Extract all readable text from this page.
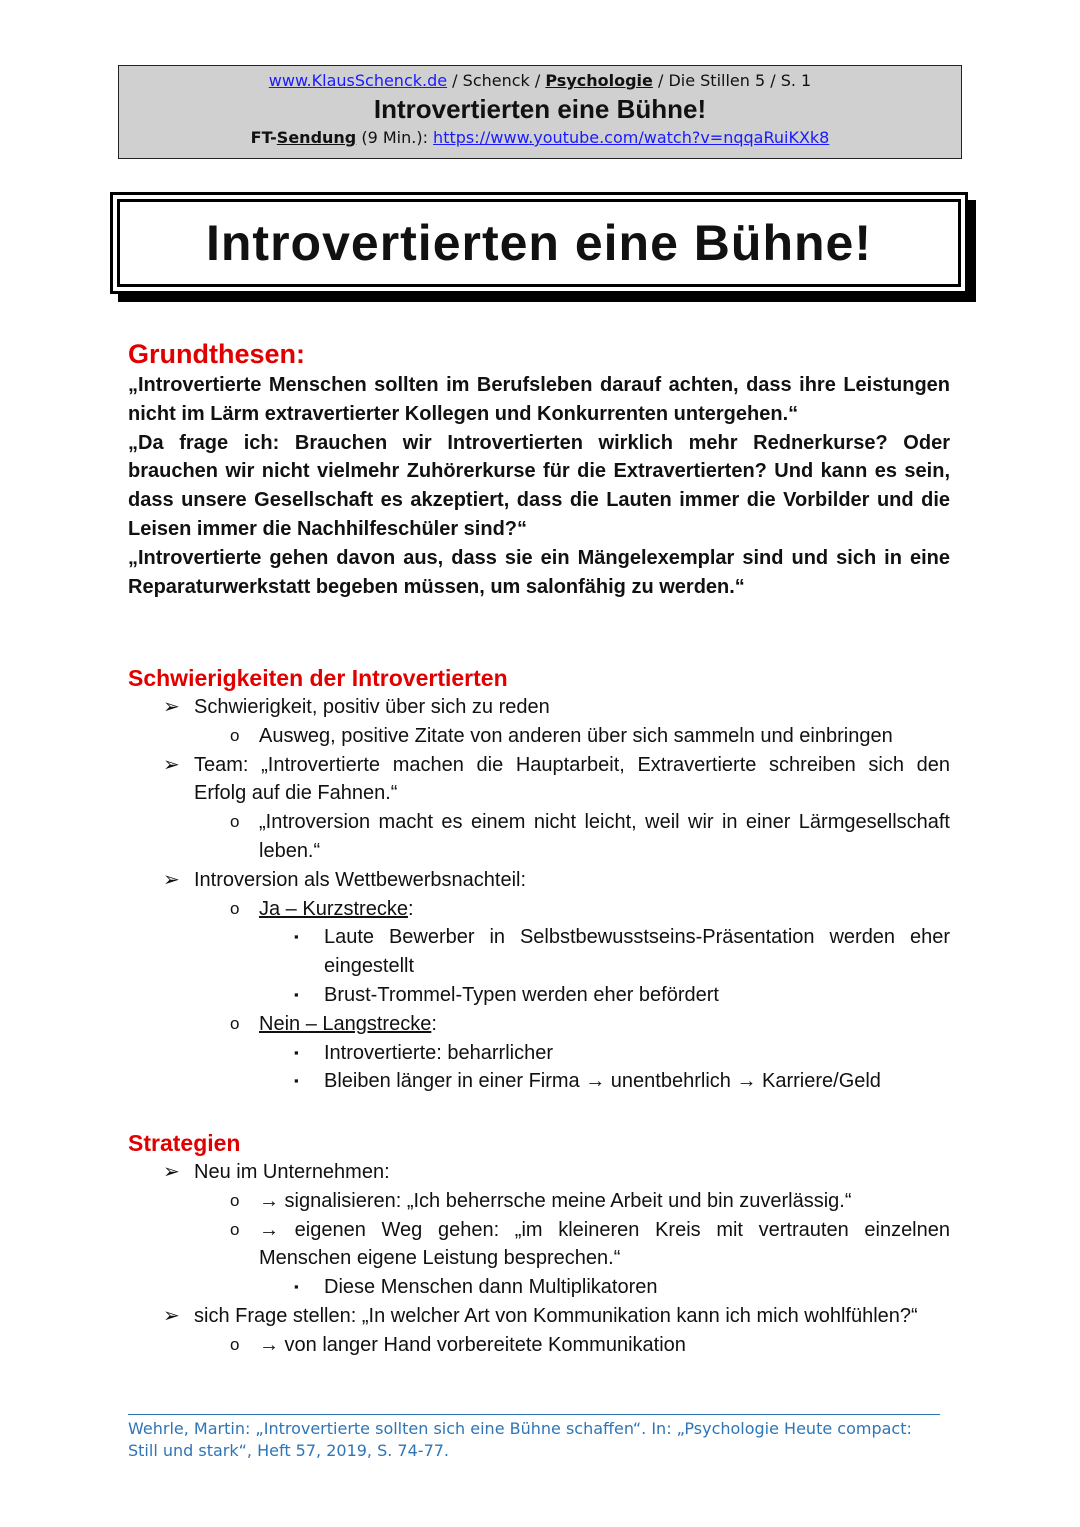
www.KlausSchenck.de / Schenck / Psychologie / Die Stillen 5 / S. 1
Introvertierten eine Bühne!
FT-Sendung (9 Min.): https://www.youtube.com/watch?v=nqqaRuiKXk8
Introvertierten eine Bühne!
Grundthesen:
„Introvertierte Menschen sollten im Berufsleben darauf achten, dass ihre Leistungen nicht im Lärm extravertierter Kollegen und Konkurrenten untergehen.“
„Da frage ich: Brauchen wir Introvertierten wirklich mehr Rednerkurse? Oder brauchen wir nicht vielmehr Zuhörerkurse für die Extravertierten? Und kann es sein, dass unsere Gesellschaft es akzeptiert, dass die Lauten immer die Vorbilder und die Leisen immer die Nachhilfeschüler sind?“
„Introvertierte gehen davon aus, dass sie ein Mängelexemplar sind und sich in eine Reparaturwerkstatt begeben müssen, um salonfähig zu werden.“
Schwierigkeiten der Introvertierten
➢ Schwierigkeit, positiv über sich zu reden
o Ausweg, positive Zitate von anderen über sich sammeln und einbringen
➢ Team: „Introvertierte machen die Hauptarbeit, Extravertierte schreiben sich den Erfolg auf die Fahnen.“
o „Introversion macht es einem nicht leicht, weil wir in einer Lärmgesellschaft leben.“
➢ Introversion als Wettbewerbsnachteil:
o Ja – Kurzstrecke:
▪ Laute Bewerber in Selbstbewusstseins-Präsentation werden eher eingestellt
▪ Brust-Trommel-Typen werden eher befördert
o Nein – Langstrecke:
▪ Introvertierte: beharrlicher
▪ Bleiben länger in einer Firma → unentbehrlich → Karriere/Geld
Strategien
➢ Neu im Unternehmen:
o → signalisieren: „Ich beherrsche meine Arbeit und bin zuverlässig.“
o → eigenen Weg gehen: „im kleineren Kreis mit vertrauten einzelnen Menschen eigene Leistung besprechen.“
▪ Diese Menschen dann Multiplikatoren
➢ sich Frage stellen: „In welcher Art von Kommunikation kann ich mich wohlfühlen?“
o → von langer Hand vorbereitete Kommunikation
Wehrle, Martin: „Introvertierte sollten sich eine Bühne schaffen“. In: „Psychologie Heute compact: Still und stark“, Heft 57, 2019, S. 74-77.
